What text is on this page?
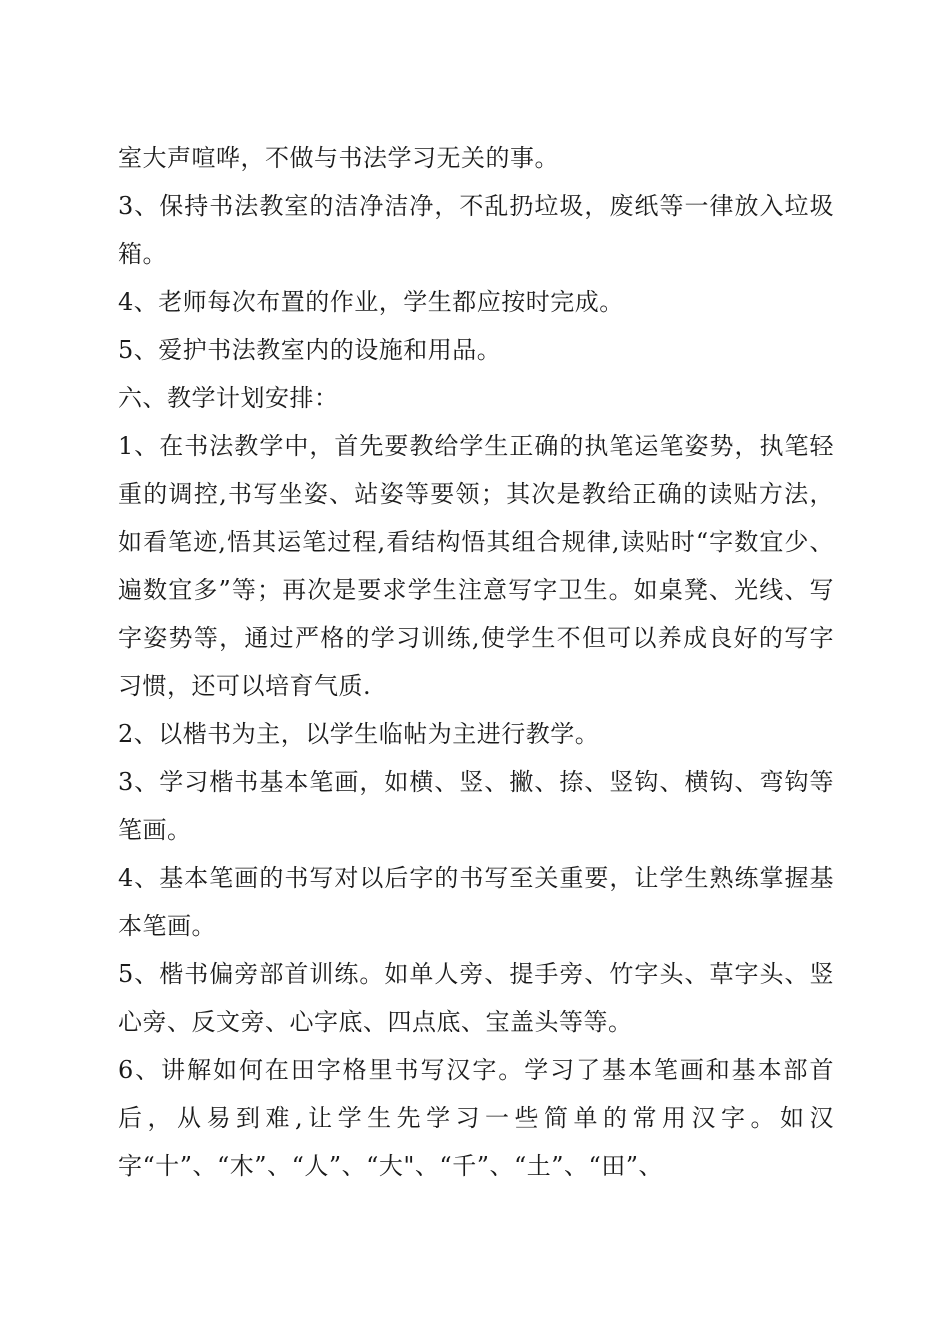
室大声喧哗，不做与书法学习无关的事。

3、保持书法教室的洁净洁净，不乱扔垃圾，废纸等一律放入垃圾箱。

4、老师每次布置的作业，学生都应按时完成。

5、爱护书法教室内的设施和用品。

六、教学计划安排：

1、在书法教学中，首先要教给学生正确的执笔运笔姿势，执笔轻重的调控,书写坐姿、站姿等要领；其次是教给正确的读贴方法，如看笔迹,悟其运笔过程,看结构悟其组合规律,读贴时“字数宜少、遍数宜多”等；再次是要求学生注意写字卫生。如桌凳、光线、写字姿势等，通过严格的学习训练,使学生不但可以养成良好的写字习惯，还可以培育气质.

2、以楷书为主，以学生临帖为主进行教学。

3、学习楷书基本笔画，如横、竖、撇、捺、竖钩、横钩、弯钩等笔画。

4、基本笔画的书写对以后字的书写至关重要，让学生熟练掌握基本笔画。

5、楷书偏旁部首训练。如单人旁、提手旁、竹字头、草字头、竖心旁、反文旁、心字底、四点底、宝盖头等等。

6、讲解如何在田字格里书写汉字。学习了基本笔画和基本部首后，从易到难,让学生先学习一些简单的常用汉字。如汉字“十”、“木”、“人”、“大"、“千”、“土”、“田”、
